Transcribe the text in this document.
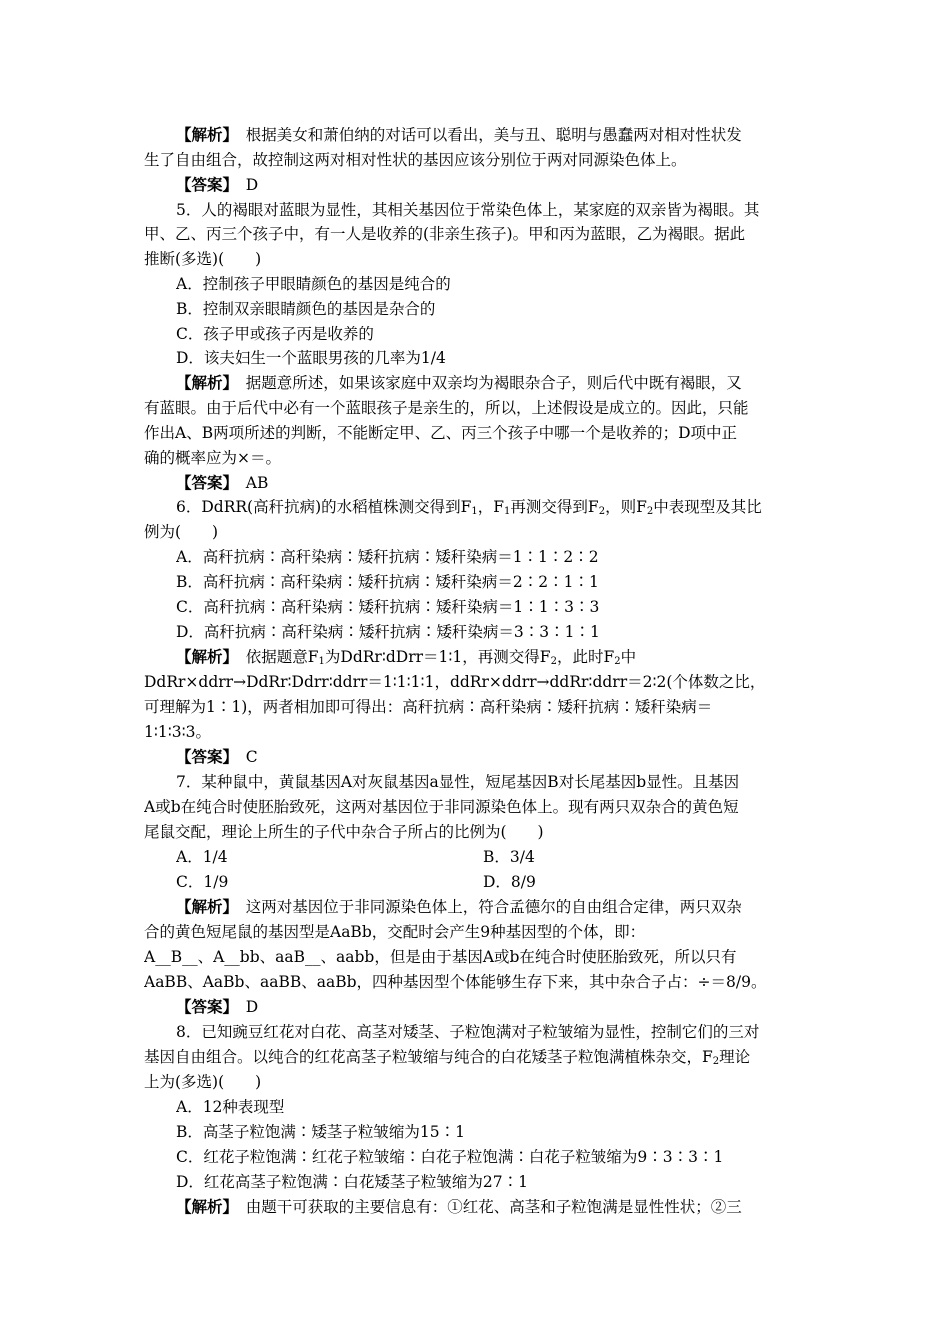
【解析】　根据美女和萧伯纳的对话可以看出，美与丑、聪明与愚蠢两对相对性状发
生了自由组合，故控制这两对相对性状的基因应该分别位于两对同源染色体上。
【答案】　D
5．人的褐眼对蓝眼为显性，其相关基因位于常染色体上，某家庭的双亲皆为褐眼。其
甲、乙、丙三个孩子中，有一人是收养的(非亲生孩子)。甲和丙为蓝眼，乙为褐眼。据此
推断(多选)(　　)
A．控制孩子甲眼睛颜色的基因是纯合的
B．控制双亲眼睛颜色的基因是杂合的
C．孩子甲或孩子丙是收养的
D．该夫妇生一个蓝眼男孩的几率为1/4
【解析】　据题意所述，如果该家庭中双亲均为褐眼杂合子，则后代中既有褐眼，又
有蓝眼。由于后代中必有一个蓝眼孩子是亲生的，所以，上述假设是成立的。因此，只能
作出A、B两项所述的判断，不能断定甲、乙、丙三个孩子中哪一个是收养的；D项中正
确的概率应为×＝。
【答案】　AB
6．DdRR(高秆抗病)的水稻植株测交得到$F_1$，$F_1$再测交得到$F_2$，则$F_2$中表现型及其比
例为(　　)
A．高秆抗病∶高秆染病∶矮秆抗病∶矮秆染病＝1∶1∶2∶2
B．高秆抗病∶高秆染病∶矮秆抗病∶矮秆染病＝2∶2∶1∶1
C．高秆抗病∶高秆染病∶矮秆抗病∶矮秆染病＝1∶1∶3∶3
D．高秆抗病∶高秆染病∶矮秆抗病∶矮秆染病＝3∶3∶1∶1
【解析】　依据题意$F_1$为DdRr∶dDrr＝1∶1，再测交得$F_2$，此时$F_2$中
DdRr×ddrr→DdRr∶Ddrr∶ddrr＝1∶1∶1∶1，ddRr×ddrr→ddRr∶ddrr＝2∶2(个体数之比，
可理解为1∶1)，两者相加即可得出：高秆抗病∶高秆染病∶矮秆抗病∶矮秆染病＝
1∶1∶3∶3。
【答案】　C
7．某种鼠中，黄鼠基因A对灰鼠基因a显性，短尾基因B对长尾基因b显性。且基因
A或b在纯合时使胚胎致死，这两对基因位于非同源染色体上。现有两只双杂合的黄色短
尾鼠交配，理论上所生的子代中杂合子所占的比例为(　　)
A．1/4	B．3/4
C．1/9	D．8/9
【解析】　这两对基因位于非同源染色体上，符合孟德尔的自由组合定律，两只双杂
合的黄色短尾鼠的基因型是AaBb，交配时会产生9种基因型的个体，即：
A__B__、A__bb、aaB__、aabb，但是由于基因A或b在纯合时使胚胎致死，所以只有
AaBB、AaBb、aaBB、aaBb，四种基因型个体能够生存下来，其中杂合子占：÷＝8/9。
【答案】　D
8．已知豌豆红花对白花、高茎对矮茎、子粒饱满对子粒皱缩为显性，控制它们的三对
基因自由组合。以纯合的红花高茎子粒皱缩与纯合的白花矮茎子粒饱满植株杂交，$F_2$理论
上为(多选)(　　)
A．12种表现型
B．高茎子粒饱满∶矮茎子粒皱缩为15∶1
C．红花子粒饱满∶红花子粒皱缩∶白花子粒饱满∶白花子粒皱缩为9∶3∶3∶1
D．红花高茎子粒饱满∶白花矮茎子粒皱缩为27∶1
【解析】　由题干可获取的主要信息有：①红花、高茎和子粒饱满是显性性状；②三
